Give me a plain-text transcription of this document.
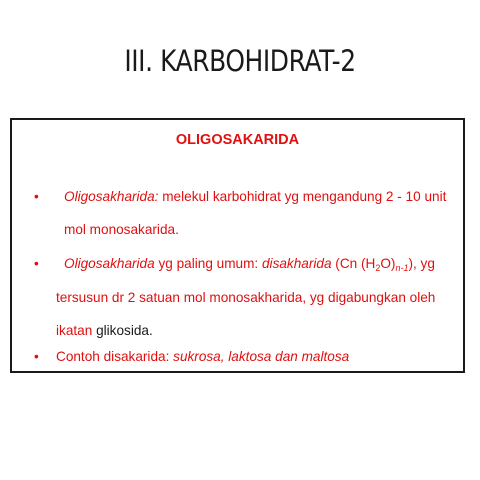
III. KARBOHIDRAT-2
OLIGOSAKARIDA
• Oligosakharida: melekul karbohidrat yg mengandung 2 - 10 unit
mol monosakarida.
• Oligosakharida yg paling umum: disakharida (Cn $(H_2O)_{n-1}$), yg
tersusun dr 2 satuan mol monosakharida, yg digabungkan oleh
ikatan glikosida.
• Contoh disakarida: sukrosa, laktosa dan maltosa
